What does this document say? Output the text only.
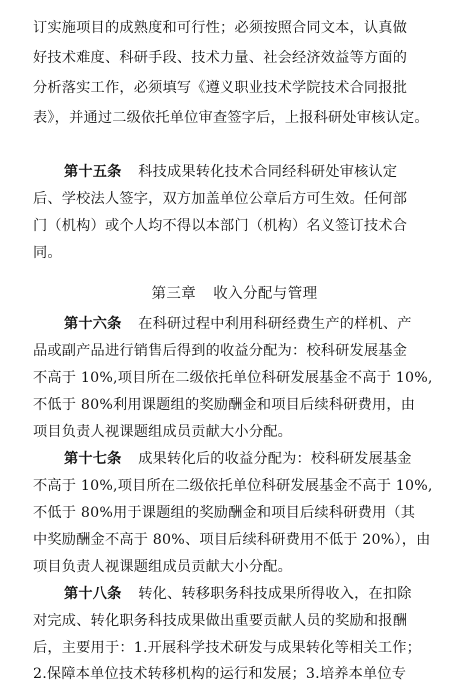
订实施项目的成熟度和可行性；必须按照合同文本，认真做
好技术难度、科研手段、技术力量、社会经济效益等方面的
分析落实工作，必须填写《遵义职业技术学院技术合同报批
表》，并通过二级依托单位审查签字后，上报科研处审核认定。
第十五条 科技成果转化技术合同经科研处审核认定
后、学校法人签字，双方加盖单位公章后方可生效。任何部
门（机构）或个人均不得以本部门（机构）名义签订技术合
同。
第三章 收入分配与管理
第十六条 在科研过程中利用科研经费生产的样机、产
品或副产品进行销售后得到的收益分配为：校科研发展基金
不高于 10%,项目所在二级依托单位科研发展基金不高于 10%,
不低于 80%利用课题组的奖励酬金和项目后续科研费用，由
项目负责人视课题组成员贡献大小分配。
第十七条 成果转化后的收益分配为：校科研发展基金
不高于 10%,项目所在二级依托单位科研发展基金不高于 10%,
不低于 80%用于课题组的奖励酬金和项目后续科研费用（其
中奖励酬金不高于 80%、项目后续科研费用不低于 20%），由
项目负责人视课题组成员贡献大小分配。
第十八条 转化、转移职务科技成果所得收入，在扣除
对完成、转化职务科技成果做出重要贡献人员的奖励和报酬
后，主要用于：1.开展科学技术研发与成果转化等相关工作；
2.保障本单位技术转移机构的运行和发展；3.培养本单位专
